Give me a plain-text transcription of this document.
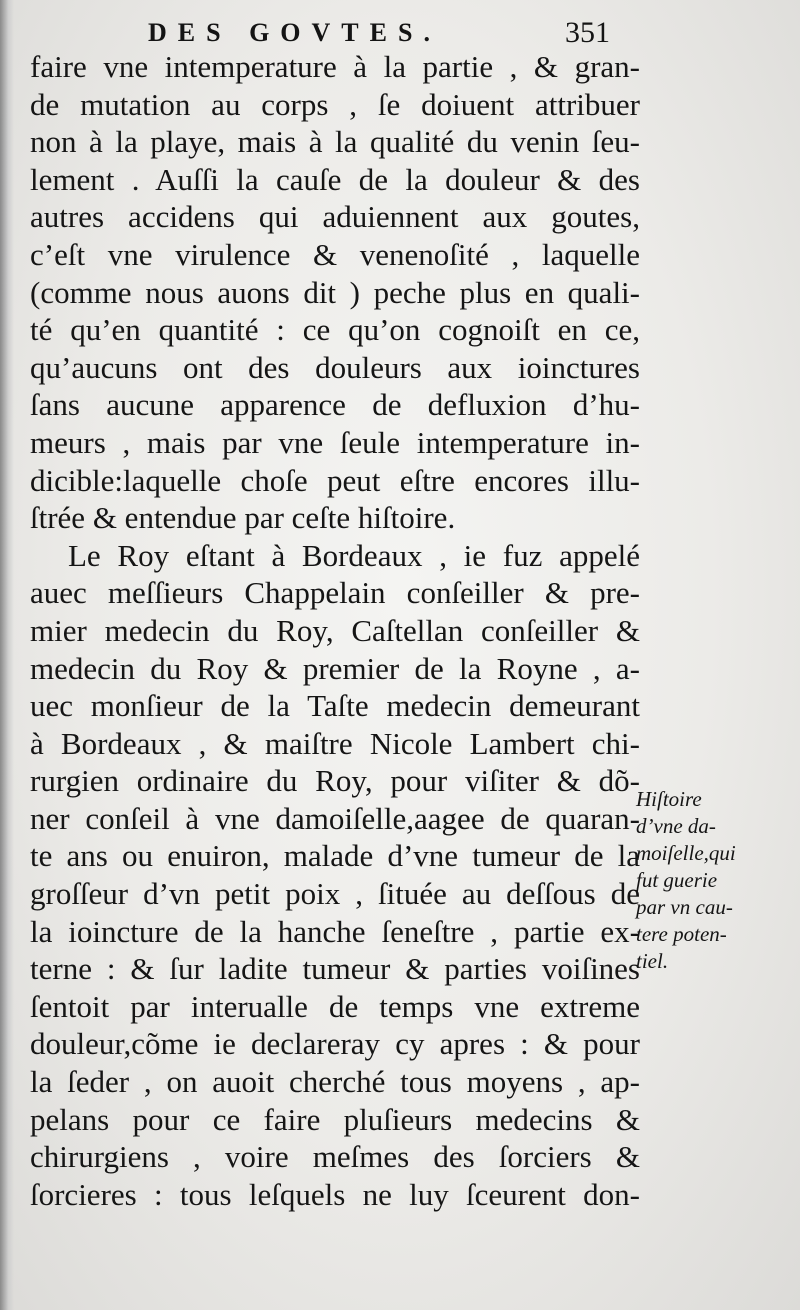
DES GOVTES.	351
faire vne intemperature à la partie , & gran-
de mutation au corps , ſe doiuent attribuer
non à la playe, mais à la qualité du venin ſeu-
lement . Auſſi la cauſe de la douleur & des
autres accidens qui aduiennent aux goutes,
c’eſt vne virulence & venenoſité , laquelle
(comme nous auons dit ) peche plus en quali-
té qu’en quantité : ce qu’on cognoiſt en ce,
qu’aucuns ont des douleurs aux ioinctures
ſans aucune apparence de defluxion d’hu-
meurs , mais par vne ſeule intemperature in-
dicible:laquelle choſe peut eſtre encores illu-
ſtrée & entendue par ceſte hiſtoire.
Le Roy eſtant à Bordeaux , ie fuz appelé
auec meſſieurs Chappelain conſeiller & pre-
mier medecin du Roy, Caſtellan conſeiller &
medecin du Roy & premier de la Royne , a-
uec monſieur de la Taſte medecin demeurant
à Bordeaux , & maiſtre Nicole Lambert chi-
rurgien ordinaire du Roy, pour viſiter & dõ-
ner conſeil à vne damoiſelle,aagee de quaran-
te ans ou enuiron, malade d’vne tumeur de la
groſſeur d’vn petit poix , ſituée au deſſous de
la ioincture de la hanche ſeneſtre , partie ex-
terne : & ſur ladite tumeur & parties voiſines
ſentoit par interualle de temps vne extreme
douleur,cõme ie declareray cy apres : & pour
la ſeder , on auoit cherché tous moyens , ap-
pelans pour ce faire pluſieurs medecins &
chirurgiens , voire meſmes des ſorciers &
ſorcieres : tous leſquels ne luy ſceurent don-
Hiſtoire
d’vne da-
moiſelle,qui
fut guerie
par vn cau-
tere poten-
tiel.
